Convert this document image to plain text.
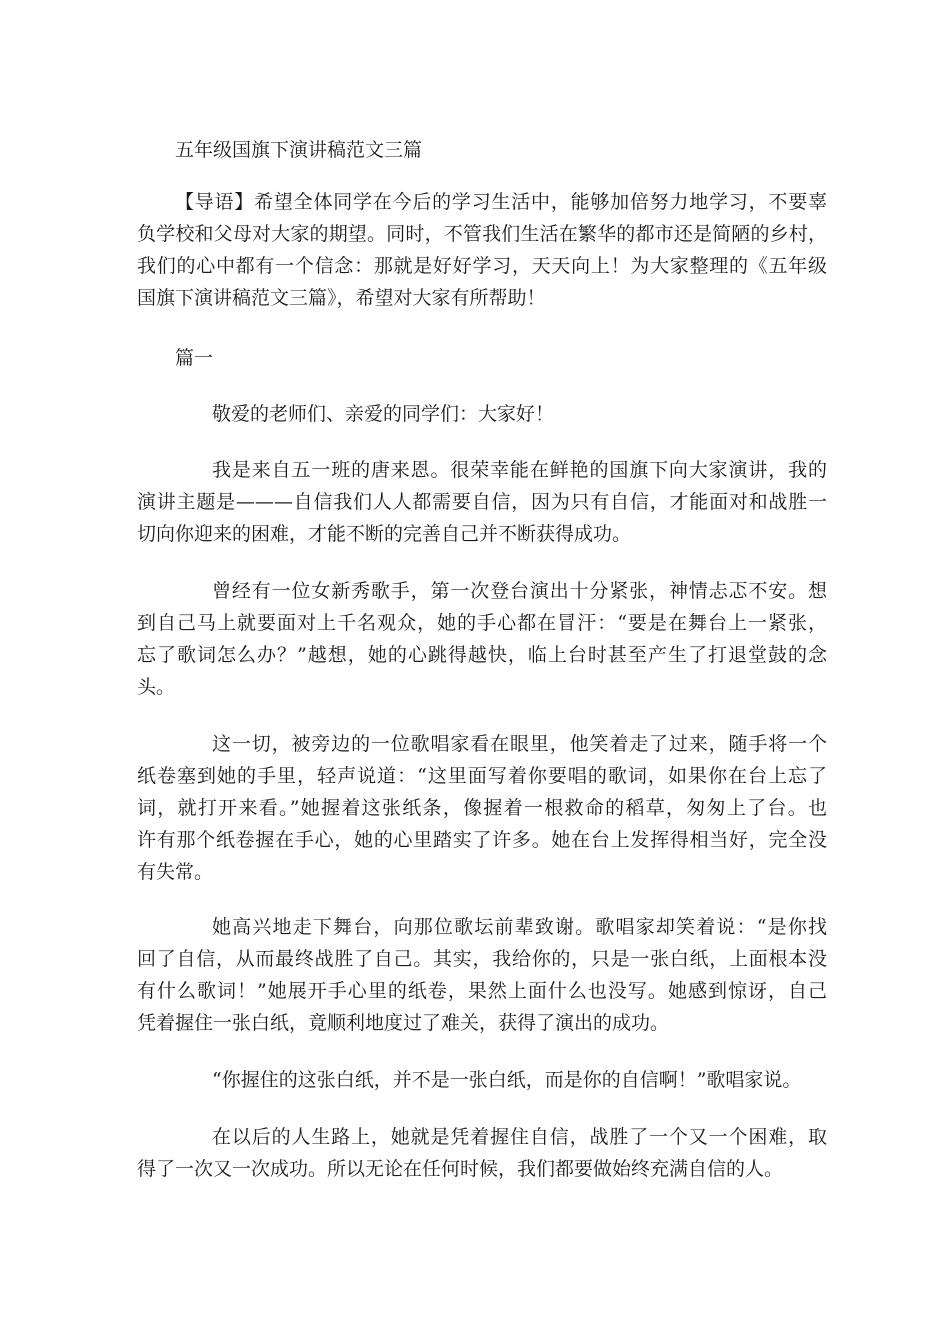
五年级国旗下演讲稿范文三篇

【导语】希望全体同学在今后的学习生活中，能够加倍努力地学习，不要辜
负学校和父母对大家的期望。同时，不管我们生活在繁华的都市还是简陋的乡村，
我们的心中都有一个信念：那就是好好学习，天天向上！为大家整理的《五年级
国旗下演讲稿范文三篇》，希望对大家有所帮助！

篇一

敬爱的老师们、亲爱的同学们：大家好！

我是来自五一班的唐来恩。很荣幸能在鲜艳的国旗下向大家演讲，我的
演讲主题是———自信我们人人都需要自信，因为只有自信，才能面对和战胜一
切向你迎来的困难，才能不断的完善自己并不断获得成功。

曾经有一位女新秀歌手，第一次登台演出十分紧张，神情忐忑不安。想
到自己马上就要面对上千名观众，她的手心都在冒汗：“要是在舞台上一紧张，
忘了歌词怎么办？”越想，她的心跳得越快，临上台时甚至产生了打退堂鼓的念
头。

这一切，被旁边的一位歌唱家看在眼里，他笑着走了过来，随手将一个
纸卷塞到她的手里，轻声说道：“这里面写着你要唱的歌词，如果你在台上忘了
词，就打开来看。”她握着这张纸条，像握着一根救命的稻草，匆匆上了台。也
许有那个纸卷握在手心，她的心里踏实了许多。她在台上发挥得相当好，完全没
有失常。

她高兴地走下舞台，向那位歌坛前辈致谢。歌唱家却笑着说：“是你找
回了自信，从而最终战胜了自己。其实，我给你的，只是一张白纸，上面根本没
有什么歌词！”她展开手心里的纸卷，果然上面什么也没写。她感到惊讶，自己
凭着握住一张白纸，竟顺利地度过了难关，获得了演出的成功。

“你握住的这张白纸，并不是一张白纸，而是你的自信啊！”歌唱家说。

在以后的人生路上，她就是凭着握住自信，战胜了一个又一个困难，取
得了一次又一次成功。所以无论在任何时候，我们都要做始终充满自信的人。
